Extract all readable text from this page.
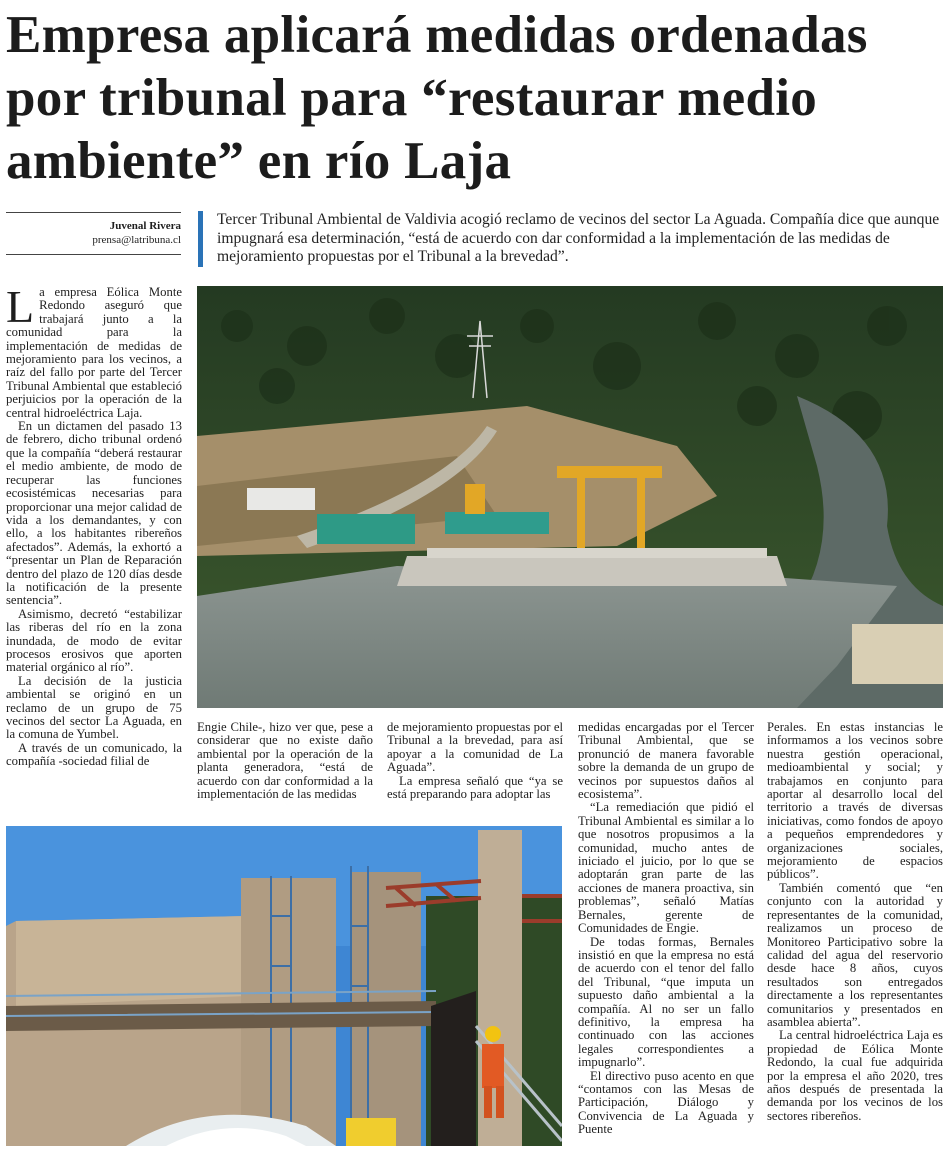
Empresa aplicará medidas ordenadas
por tribunal para “restaurar medio
ambiente” en río Laja
Juvenal Rivera
prensa@latribuna.cl
Tercer Tribunal Ambiental de Valdivia acogió reclamo de vecinos del sector La Aguada. Compañía dice que aunque impugnará esa determinación, “está de acuerdo con dar conformidad a la implementación de las medidas de mejoramiento propuestas por el Tribunal a la brevedad”.

La empresa Eólica Monte Redondo aseguró que trabajará junto a la comunidad para la implementación de medidas de mejoramiento para los vecinos, a raíz del fallo por parte del Tercer Tribunal Ambiental que estableció perjuicios por la operación de la central hidroeléctrica Laja.

En un dictamen del pasado 13 de febrero, dicho tribunal ordenó que la compañía “deberá restaurar el medio ambiente, de modo de recuperar las funciones ecosistémicas necesarias para proporcionar una mejor calidad de vida a los demandantes, y con ello, a los habitantes ribereños afectados”. Además, la exhortó a “presentar un Plan de Reparación dentro del plazo de 120 días desde la notificación de la presente sentencia”.

Asimismo, decretó “estabilizar las riberas del río en la zona inundada, de modo de evitar procesos erosivos que aporten material orgánico al río”.

La decisión de la justicia ambiental se originó en un reclamo de un grupo de 75 vecinos del sector La Aguada, en la comuna de Yumbel.

A través de un comunicado, la compañía -sociedad filial de

Engie Chile-, hizo ver que, pese a considerar que no existe daño ambiental por la operación de la planta generadora, “está de acuerdo con dar conformidad a la implementación de las medidas

de mejoramiento propuestas por el Tribunal a la brevedad, para así apoyar a la comunidad de La Aguada”.

La empresa señaló que “ya se está preparando para adoptar las

medidas encargadas por el Tercer Tribunal Ambiental, que se pronunció de manera favorable sobre la demanda de un grupo de vecinos por supuestos daños al ecosistema”.

“La remediación que pidió el Tribunal Ambiental es similar a lo que nosotros propusimos a la comunidad, mucho antes de iniciado el juicio, por lo que se adoptarán gran parte de las acciones de manera proactiva, sin problemas”, señaló Matías Bernales, gerente de Comunidades de Engie.

De todas formas, Bernales insistió en que la empresa no está de acuerdo con el tenor del fallo del Tribunal, “que imputa un supuesto daño ambiental a la compañía. Al no ser un fallo definitivo, la empresa ha continuado con las acciones legales correspondientes a impugnarlo”.

El directivo puso acento en que “contamos con las Mesas de Participación, Diálogo y Convivencia de La Aguada y Puente

Perales. En estas instancias le informamos a los vecinos sobre nuestra gestión operacional, medioambiental y social; y trabajamos en conjunto para aportar al desarrollo local del territorio a través de diversas iniciativas, como fondos de apoyo a pequeños emprendedores y organizaciones sociales, mejoramiento de espacios públicos”.

También comentó que “en conjunto con la autoridad y representantes de la comunidad, realizamos un proceso de Monitoreo Participativo sobre la calidad del agua del reservorio desde hace 8 años, cuyos resultados son entregados directamente a los representantes comunitarios y presentados en asamblea abierta”.

La central hidroeléctrica Laja es propiedad de Eólica Monte Redondo, la cual fue adquirida por la empresa el año 2020, tres años después de presentada la demanda por los vecinos de los sectores ribereños.
